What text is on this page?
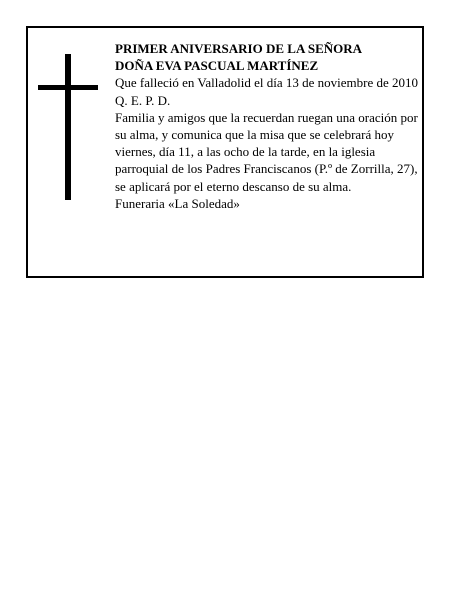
PRIMER ANIVERSARIO DE LA SEÑORA

DOÑA EVA PASCUAL MARTÍNEZ

Que falleció en Valladolid el día 13 de noviembre de 2010

Q. E. P. D.

Familia y amigos que la recuerdan ruegan una oración por su alma, y comunica que la misa que se celebrará hoy viernes, día 11, a las ocho de la tarde, en la iglesia parroquial de los Padres Franciscanos (P.º de Zorrilla, 27), se aplicará por el eterno descanso de su alma.

Funeraria «La Soledad»
